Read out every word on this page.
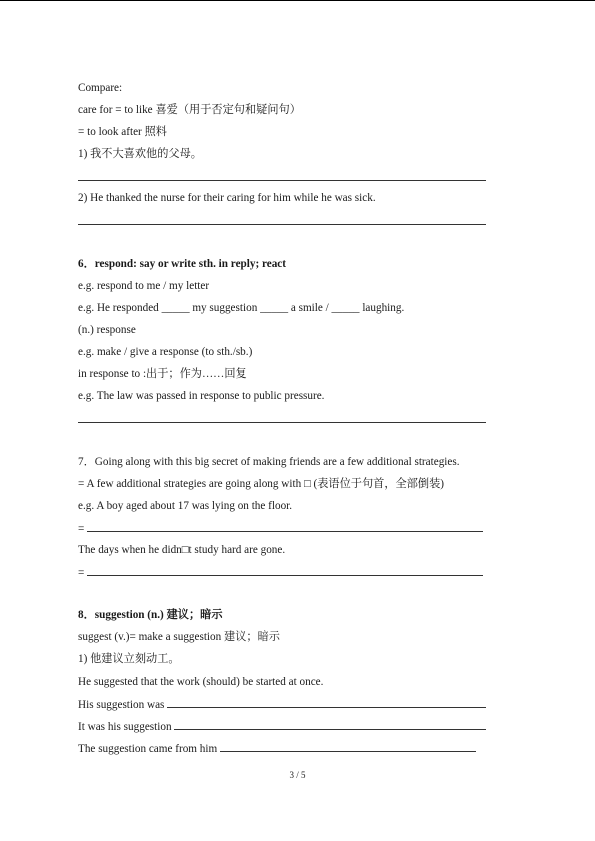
Compare:
care for = to like 喜爱（用于否定句和疑问句）
= to look after 照料
1) 我不大喜欢他的父母。
2) He thanked the nurse for their caring for him while he was sick.
6．respond: say or write sth. in reply; react
e.g. respond to me / my letter
e.g. He responded _____ my suggestion _____ a smile / _____ laughing.
(n.) response
e.g. make / give a response (to sth./sb.)
in response to :出于；作为……回复
e.g. The law was passed in response to public pressure.
7．Going along with this big secret of making friends are a few additional strategies.
= A few additional strategies are going along with □ (表语位于句首，全部倒装)
e.g. A boy aged about 17 was lying on the floor.
=
The days when he didn□t study hard are gone.
=
8．suggestion (n.) 建议；暗示
suggest (v.)= make a suggestion 建议；暗示
1) 他建议立刻动工。
He suggested that the work (should) be started at once.
His suggestion was
It was his suggestion
The suggestion came from him
3 / 5
